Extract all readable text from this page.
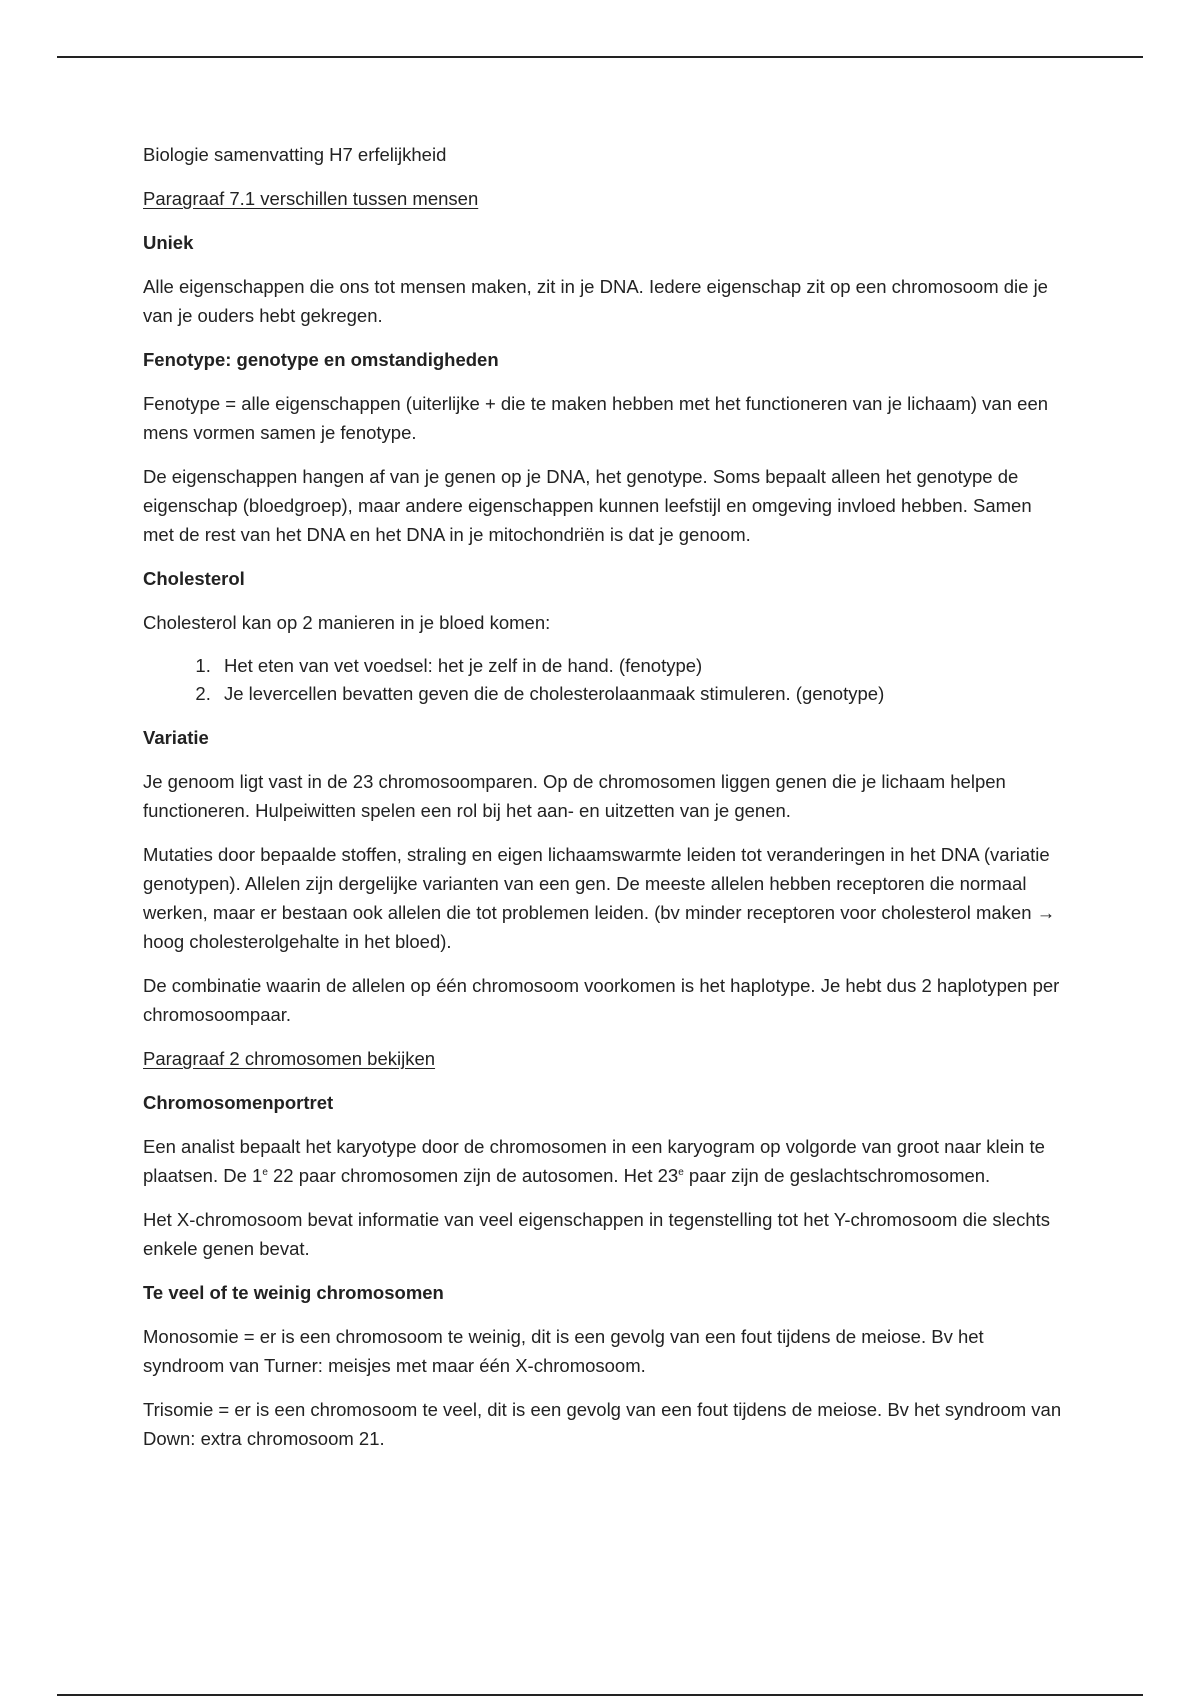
Biologie samenvatting H7 erfelijkheid

Paragraaf 7.1 verschillen tussen mensen

Uniek

Alle eigenschappen die ons tot mensen maken, zit in je DNA. Iedere eigenschap zit op een chromosoom die je van je ouders hebt gekregen.

Fenotype: genotype en omstandigheden

Fenotype = alle eigenschappen (uiterlijke + die te maken hebben met het functioneren van je lichaam) van een mens vormen samen je fenotype.

De eigenschappen hangen af van je genen op je DNA, het genotype. Soms bepaalt alleen het genotype de eigenschap (bloedgroep), maar andere eigenschappen kunnen leefstijl en omgeving invloed hebben. Samen met de rest van het DNA en het DNA in je mitochondriën is dat je genoom.

Cholesterol

Cholesterol kan op 2 manieren in je bloed komen:

1. Het eten van vet voedsel: het je zelf in de hand. (fenotype)
2. Je levercellen bevatten geven die de cholesterolaanmaak stimuleren. (genotype)

Variatie

Je genoom ligt vast in de 23 chromosoomparen. Op de chromosomen liggen genen die je lichaam helpen functioneren. Hulpeiwitten spelen een rol bij het aan- en uitzetten van je genen.

Mutaties door bepaalde stoffen, straling en eigen lichaamswarmte leiden tot veranderingen in het DNA (variatie genotypen). Allelen zijn dergelijke varianten van een gen. De meeste allelen hebben receptoren die normaal werken, maar er bestaan ook allelen die tot problemen leiden. (bv minder receptoren voor cholesterol maken → hoog cholesterolgehalte in het bloed).

De combinatie waarin de allelen op één chromosoom voorkomen is het haplotype. Je hebt dus 2 haplotypen per chromosoompaar.

Paragraaf 2 chromosomen bekijken

Chromosomenportret

Een analist bepaalt het karyotype door de chromosomen in een karyogram op volgorde van groot naar klein te plaatsen. De 1e 22 paar chromosomen zijn de autosomen. Het 23e paar zijn de geslachtschromosomen.

Het X-chromosoom bevat informatie van veel eigenschappen in tegenstelling tot het Y-chromosoom die slechts enkele genen bevat.

Te veel of te weinig chromosomen

Monosomie = er is een chromosoom te weinig, dit is een gevolg van een fout tijdens de meiose. Bv het syndroom van Turner: meisjes met maar één X-chromosoom.

Trisomie = er is een chromosoom te veel, dit is een gevolg van een fout tijdens de meiose. Bv het syndroom van Down: extra chromosoom 21.
